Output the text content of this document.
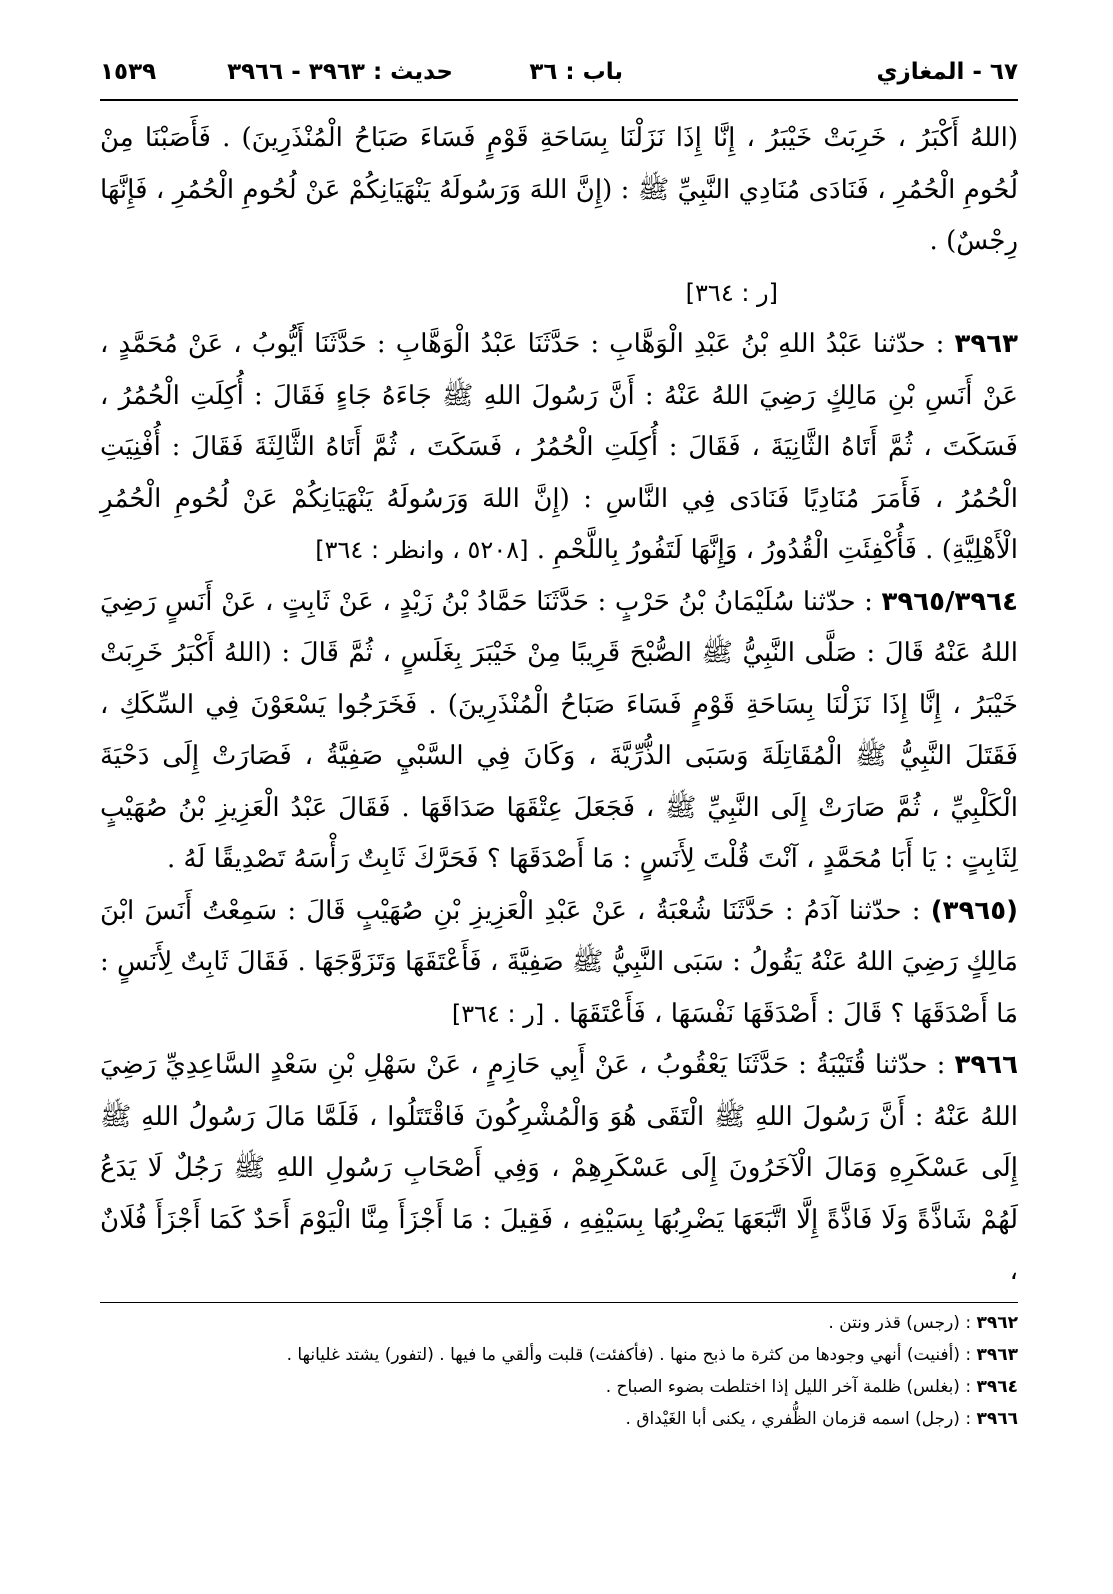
٦٧ - المغازي
باب : ٣٦
حديث : ٣٩٦٣ - ٣٩٦٦
١٥٣٩

(اللهُ أَكْبَرُ ، خَرِبَتْ خَيْبَرُ ، إِنَّا إِذَا نَزَلْنَا بِسَاحَةِ قَوْمٍ فَسَاءَ صَبَاحُ الْمُنْذَرِينَ) . فَأَصَبْنَا مِنْ لُحُومِ الْحُمُرِ ، فَنَادَى مُنَادِي النَّبِيِّ ﷺ : (إِنَّ اللهَ وَرَسُولَهُ يَنْهَيَانِكُمْ عَنْ لُحُومِ الْحُمُرِ ، فَإِنَّهَا رِجْسٌ) .

[ر : ٣٦٤]

٣٩٦٣ : حدّثنا عَبْدُ اللهِ بْنُ عَبْدِ الْوَهَّابِ : حَدَّثَنَا عَبْدُ الْوَهَّابِ : حَدَّثَنَا أَيُّوبُ ، عَنْ مُحَمَّدٍ ، عَنْ أَنَسِ بْنِ مَالِكٍ رَضِيَ اللهُ عَنْهُ : أَنَّ رَسُولَ اللهِ ﷺ جَاءَهُ جَاءٍ فَقَالَ : أُكِلَتِ الْحُمُرُ ، فَسَكَتَ ، ثُمَّ أَتَاهُ الثَّانِيَةَ ، فَقَالَ : أُكِلَتِ الْحُمُرُ ، فَسَكَتَ ، ثُمَّ أَتَاهُ الثَّالِثَةَ فَقَالَ : أُفْنِيَتِ الْحُمُرُ ، فَأَمَرَ مُنَادِيًا فَنَادَى فِي النَّاسِ : (إِنَّ اللهَ وَرَسُولَهُ يَنْهَيَانِكُمْ عَنْ لُحُومِ الْحُمُرِ الْأَهْلِيَّةِ) . فَأُكْفِئَتِ الْقُدُورُ ، وَإِنَّهَا لَتَفُورُ بِاللَّحْمِ . [٥٢٠٨ ، وانظر : ٣٦٤]

٣٩٦٥/٣٩٦٤ : حدّثنا سُلَيْمَانُ بْنُ حَرْبٍ : حَدَّثَنَا حَمَّادُ بْنُ زَيْدٍ ، عَنْ ثَابِتٍ ، عَنْ أَنَسٍ رَضِيَ اللهُ عَنْهُ قَالَ : صَلَّى النَّبِيُّ ﷺ الصُّبْحَ قَرِيبًا مِنْ خَيْبَرَ بِغَلَسٍ ، ثُمَّ قَالَ : (اللهُ أَكْبَرُ خَرِبَتْ خَيْبَرُ ، إِنَّا إِذَا نَزَلْنَا بِسَاحَةِ قَوْمٍ فَسَاءَ صَبَاحُ الْمُنْذَرِينَ) . فَخَرَجُوا يَسْعَوْنَ فِي السِّكَكِ ، فَقَتَلَ النَّبِيُّ ﷺ الْمُقَاتِلَةَ وَسَبَى الذُّرِّيَّةَ ، وَكَانَ فِي السَّبْيِ صَفِيَّةُ ، فَصَارَتْ إِلَى دَحْيَةَ الْكَلْبِيِّ ، ثُمَّ صَارَتْ إِلَى النَّبِيِّ ﷺ ، فَجَعَلَ عِتْقَهَا صَدَاقَهَا . فَقَالَ عَبْدُ الْعَزِيزِ بْنُ صُهَيْبٍ لِثَابِتٍ : يَا أَبَا مُحَمَّدٍ ، آنْتَ قُلْتَ لِأَنَسٍ : مَا أَصْدَقَهَا ؟ فَحَرَّكَ ثَابِتٌ رَأْسَهُ تَصْدِيقًا لَهُ .

(٣٩٦٥) : حدّثنا آدَمُ : حَدَّثَنَا شُعْبَةُ ، عَنْ عَبْدِ الْعَزِيزِ بْنِ صُهَيْبٍ قَالَ : سَمِعْتُ أَنَسَ ابْنَ مَالِكٍ رَضِيَ اللهُ عَنْهُ يَقُولُ : سَبَى النَّبِيُّ ﷺ صَفِيَّةَ ، فَأَعْتَقَهَا وَتَزَوَّجَهَا . فَقَالَ ثَابِتٌ لِأَنَسٍ : مَا أَصْدَقَهَا ؟ قَالَ : أَصْدَقَهَا نَفْسَهَا ، فَأَعْتَقَهَا . [ر : ٣٦٤]

٣٩٦٦ : حدّثنا قُتَيْبَةُ : حَدَّثَنَا يَعْقُوبُ ، عَنْ أَبِي حَازِمٍ ، عَنْ سَهْلِ بْنِ سَعْدٍ السَّاعِدِيِّ رَضِيَ اللهُ عَنْهُ : أَنَّ رَسُولَ اللهِ ﷺ الْتَقَى هُوَ وَالْمُشْرِكُونَ فَاقْتَتَلُوا ، فَلَمَّا مَالَ رَسُولُ اللهِ ﷺ إِلَى عَسْكَرِهِ وَمَالَ الْآخَرُونَ إِلَى عَسْكَرِهِمْ ، وَفِي أَصْحَابِ رَسُولِ اللهِ ﷺ رَجُلٌ لَا يَدَعُ لَهُمْ شَاذَّةً وَلَا فَاذَّةً إِلَّا اتَّبَعَهَا يَضْرِبُهَا بِسَيْفِهِ ، فَقِيلَ : مَا أَجْزَأَ مِنَّا الْيَوْمَ أَحَدٌ كَمَا أَجْزَأَ فُلَانٌ ،

٣٩٦٢ : (رجس) قذر ونتن .

٣٩٦٣ : (أفنيت) أنهي وجودها من كثرة ما ذبح منها . (فأكفئت) قلبت وألقي ما فيها . (لتفور) يشتد غليانها .

٣٩٦٤ : (بغلس) ظلمة آخر الليل إذا اختلطت بضوء الصباح .

٣٩٦٦ : (رجل) اسمه قزمان الظُّفري ، يكنى أبا الغَيْداق .
